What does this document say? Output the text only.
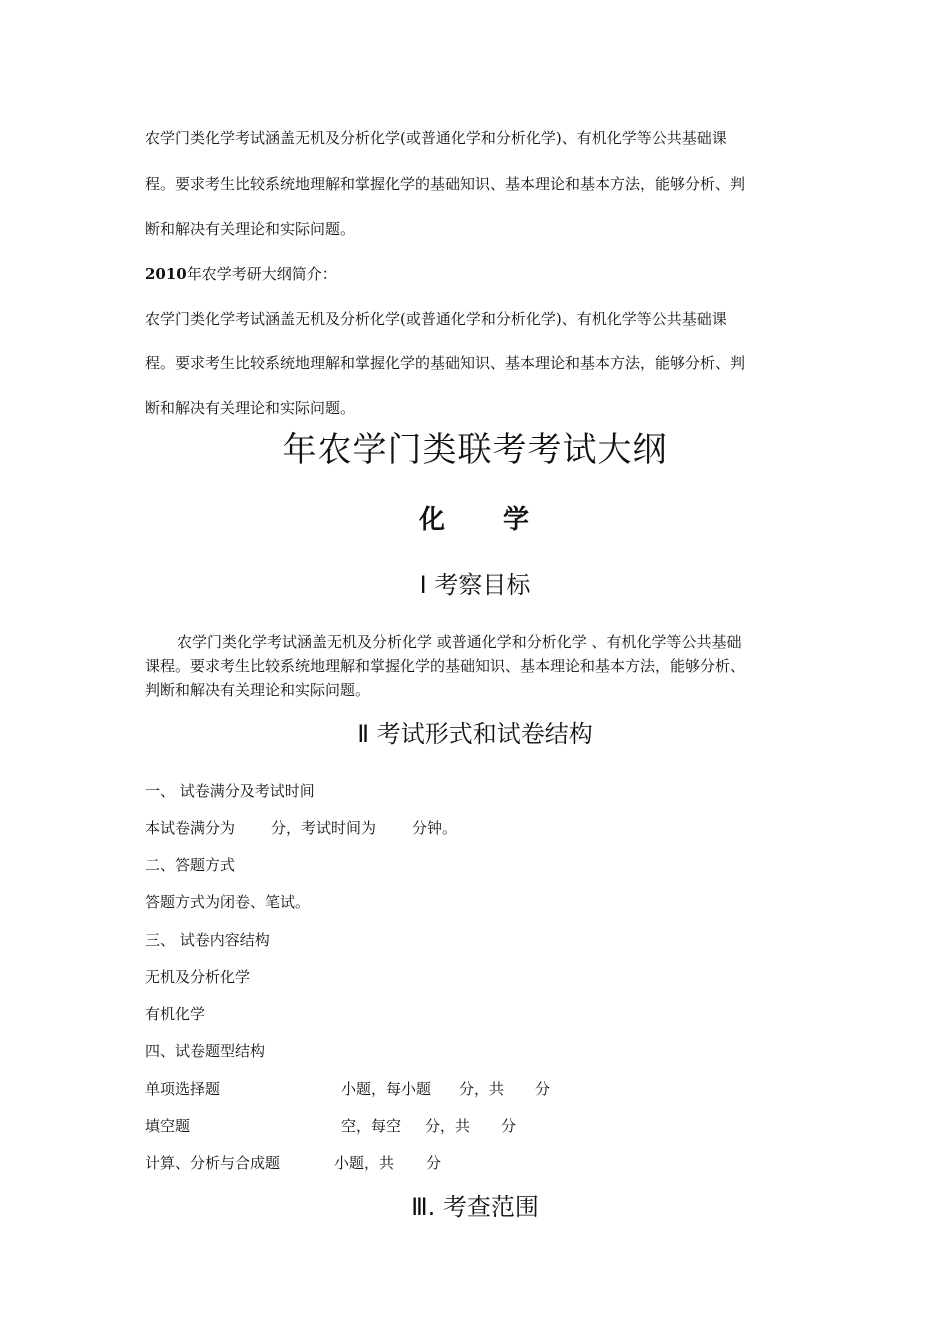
农学门类化学考试涵盖无机及分析化学(或普通化学和分析化学)、有机化学等公共基础课
程。要求考生比较系统地理解和掌握化学的基础知识、基本理论和基本方法，能够分析、判
断和解决有关理论和实际问题。
2010年农学考研大纲简介：
农学门类化学考试涵盖无机及分析化学(或普通化学和分析化学)、有机化学等公共基础课
程。要求考生比较系统地理解和掌握化学的基础知识、基本理论和基本方法，能够分析、判
断和解决有关理论和实际问题。
年农学门类联考考试大纲
化　　学
Ⅰ 考察目标
农学门类化学考试涵盖无机及分析化学 或普通化学和分析化学 、有机化学等公共基础
课程。要求考生比较系统地理解和掌握化学的基础知识、基本理论和基本方法，能够分析、
判断和解决有关理论和实际问题。
Ⅱ 考试形式和试卷结构
一、 试卷满分及考试时间
本试卷满分为 分，考试时间为 分钟。
二、答题方式
答题方式为闭卷、笔试。
三、 试卷内容结构
无机及分析化学
有机化学
四、试卷题型结构
单项选择题	小题，每小题 分，共 分
填空题	空，每空 分，共 分
计算、分析与合成题	小题，共 分
Ⅲ. 考查范围
